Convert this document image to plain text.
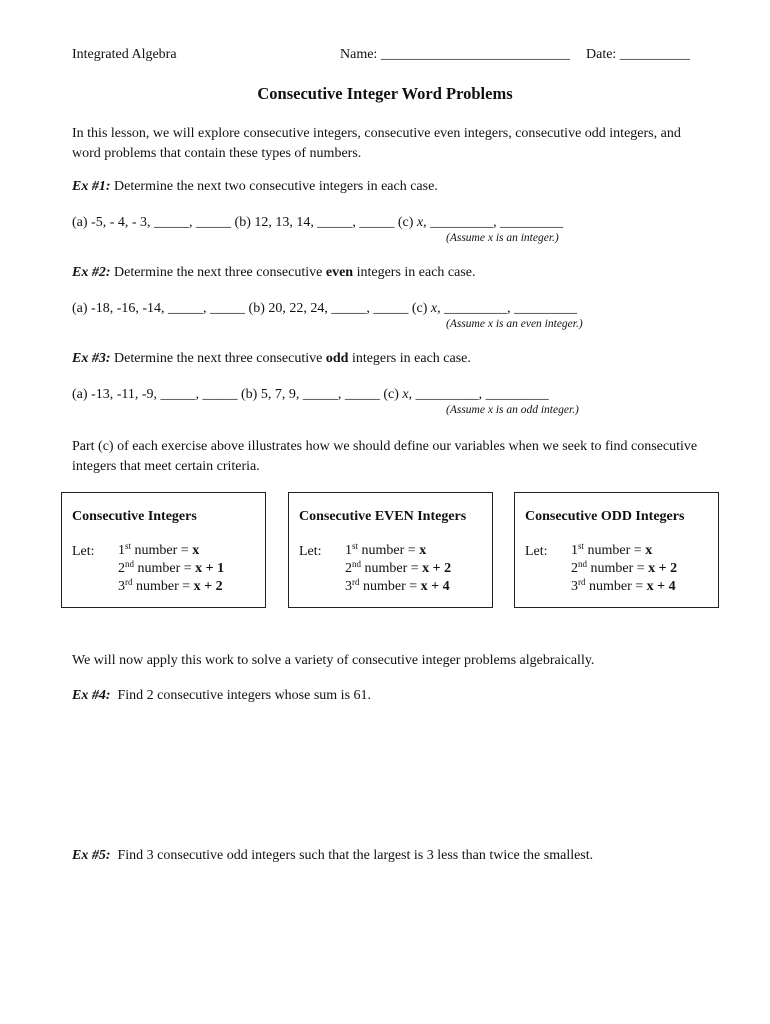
Integrated Algebra	Name: ___________________________ Date: __________
Consecutive Integer Word Problems
In this lesson, we will explore consecutive integers, consecutive even integers, consecutive odd integers, and word problems that contain these types of numbers.
Ex #1: Determine the next two consecutive integers in each case.
(a) -5, - 4, - 3, _____, _____ (b) 12, 13, 14, _____, _____ (c) x, _________, _________
(Assume x is an integer.)
Ex #2: Determine the next three consecutive even integers in each case.
(a) -18, -16, -14, _____, _____ (b) 20, 22, 24, _____, _____ (c) x, _________, _________
(Assume x is an even integer.)
Ex #3: Determine the next three consecutive odd integers in each case.
(a) -13, -11, -9, _____, _____ (b) 5, 7, 9, _____, _____ (c) x, _________, _________
(Assume x is an odd integer.)
Part (c) of each exercise above illustrates how we should define our variables when we seek to find consecutive integers that meet certain criteria.
Consecutive Integers
Let: 1st number = x
2nd number = x + 1
3rd number = x + 2
Consecutive EVEN Integers
Let: 1st number = x
2nd number = x + 2
3rd number = x + 4
Consecutive ODD Integers
Let: 1st number = x
2nd number = x + 2
3rd number = x + 4
We will now apply this work to solve a variety of consecutive integer problems algebraically.
Ex #4:  Find 2 consecutive integers whose sum is 61.
Ex #5:  Find 3 consecutive odd integers such that the largest is 3 less than twice the smallest.
